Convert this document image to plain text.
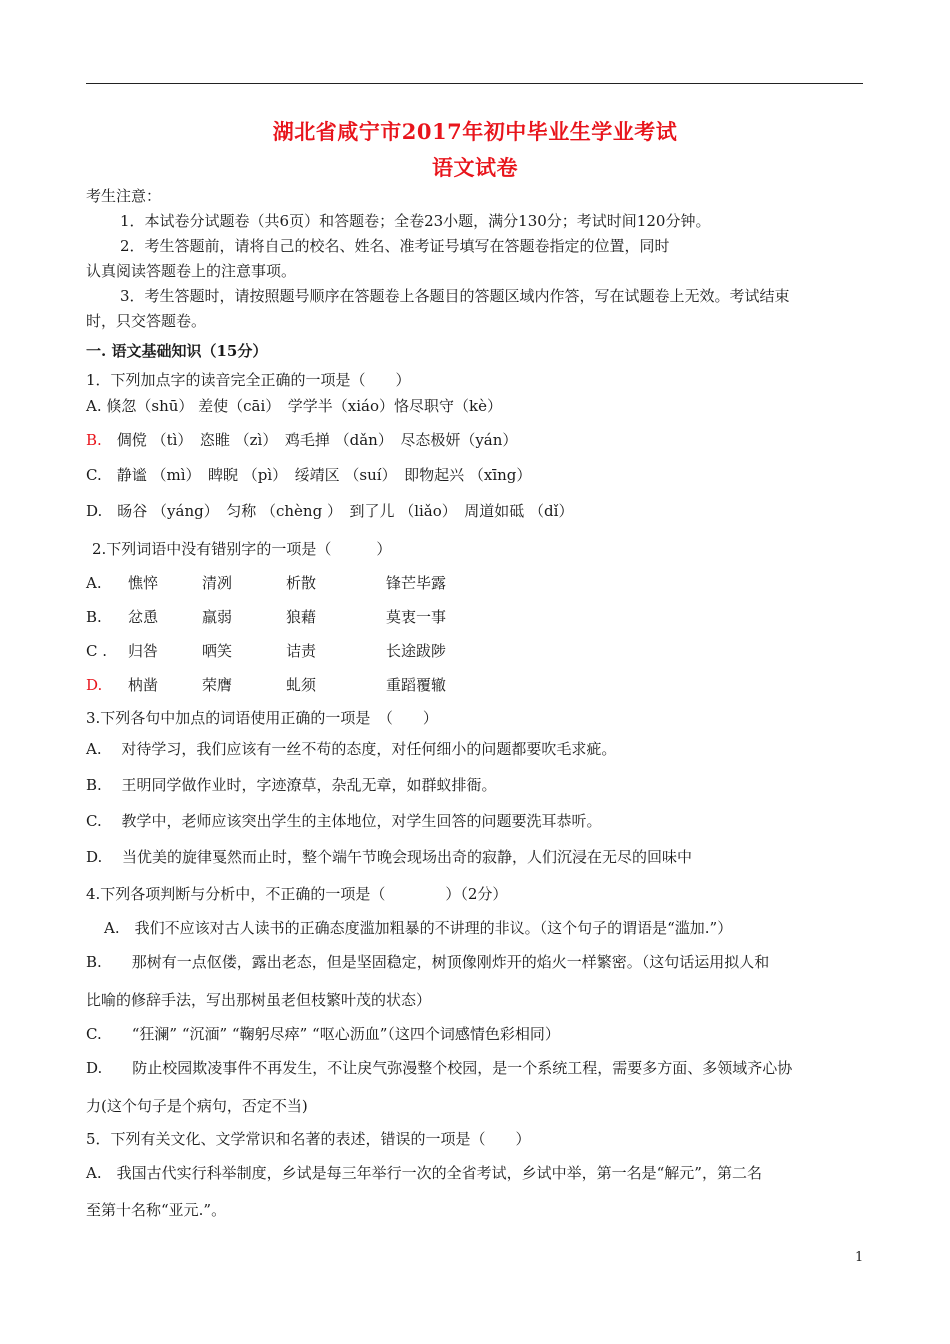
湖北省咸宁市2017年初中毕业生学业考试
语文试卷
考生注意：
1．本试卷分试题卷（共6页）和答题卷；全卷23小题，满分130分；考试时间120分钟。
2．考生答题前，请将自己的校名、姓名、准考证号填写在答题卷指定的位置，同时
认真阅读答题卷上的注意事项。
3．考生答题时，请按照题号顺序在答题卷上各题目的答题区域内作答，写在试题卷上无效。考试结束
时，只交答题卷。
一. 语文基础知识（15分）
1．下列加点字的读音完全正确的一项是（　　）
A. 倏忽（shū） 差使（cāi）　学学半（xiáo）恪尽职守（kè）
B.　倜傥 （tì）　恣睢 （zì）　鸡毛掸 （dǎn）　尽态极妍（yán）
C.　静谧 （mì）　睥睨 （pì）　绥靖区 （suí）　即物起兴 （xīng）
D.　旸谷 （yáng）　匀称 （chèng ）　到了儿 （liǎo）　周道如砥 （dǐ）
2.下列词语中没有错别字的一项是（　　　）
A. 憔悴	清冽	析散	锋芒毕露
B. 忿恿	羸弱	狼藉	莫衷一事
C . 归咎	哂笑	诘责	长途跋陟
D. 枘凿	荣膺	虬须	重蹈覆辙
3.下列各句中加点的词语使用正确的一项是　（　　）
A.　 对待学习，我们应该有一丝不苟的态度，对任何细小的问题都要吹毛求疵。
B.　 王明同学做作业时，字迹潦草，杂乱无章，如群蚁排衙。
C.　 教学中，老师应该突出学生的主体地位，对学生回答的问题要洗耳恭听。
D.　 当优美的旋律戛然而止时，整个端午节晚会现场出奇的寂静，人们沉浸在无尽的回味中
4.下列各项判断与分析中，不正确的一项是（　　　　）（2分）
A.　我们不应该对古人读书的正确态度滥加粗暴的不讲理的非议。（这个句子的谓语是“滥加.”）
B.　　那树有一点伛偻，露出老态，但是坚固稳定，树顶像刚炸开的焰火一样繁密。（这句话运用拟人和
比喻的修辞手法，写出那树虽老但枝繁叶茂的状态）
C.　　“狂澜” “沉湎” “鞠躬尽瘁” “呕心沥血”（这四个词感情色彩相同）
D.　　防止校园欺凌事件不再发生，不让戾气弥漫整个校园，是一个系统工程，需要多方面、多领域齐心协
力(这个句子是个病句，否定不当)
5．下列有关文化、文学常识和名著的表述，错误的一项是（　　）
A.　我国古代实行科举制度，乡试是每三年举行一次的全省考试，乡试中举，第一名是“解元”，第二名
至第十名称“亚元.”。
1
